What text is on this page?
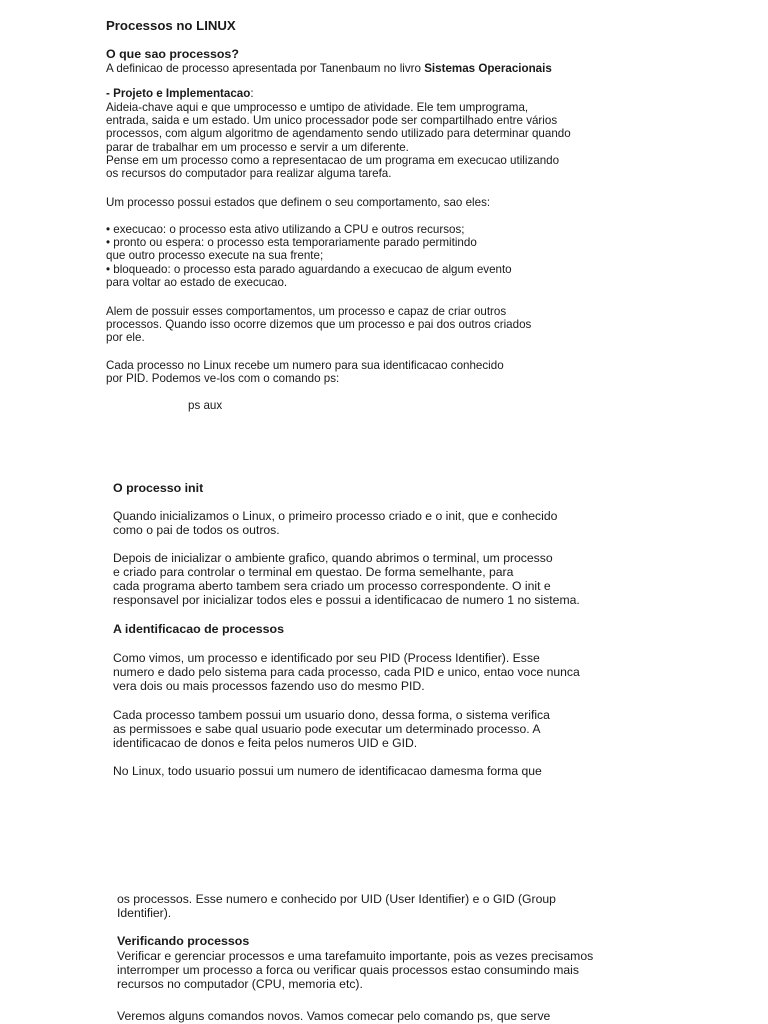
Processos no LINUX
O que sao processos?
A definicao de processo apresentada por Tanenbaum no livro Sistemas Operacionais
- Projeto e Implementacao:
Aideia-chave aqui e que umprocesso e umtipo de atividade. Ele tem umprograma,
entrada, saida e um estado. Um unico processador pode ser compartilhado entre vários
processos, com algum algoritmo de agendamento sendo utilizado para determinar quando
parar de trabalhar em um processo e servir a um diferente.
Pense em um processo como a representacao de um programa em execucao utilizando
os recursos do computador para realizar alguma tarefa.
Um processo possui estados que definem o seu comportamento, sao eles:
• execucao: o processo esta ativo utilizando a CPU e outros recursos;
• pronto ou espera: o processo esta temporariamente parado permitindo
que outro processo execute na sua frente;
• bloqueado: o processo esta parado aguardando a execucao de algum evento
para voltar ao estado de execucao.
Alem de possuir esses comportamentos, um processo e capaz de criar outros
processos. Quando isso ocorre dizemos que um processo e pai dos outros criados
por ele.
Cada processo no Linux recebe um numero para sua identificacao conhecido
por PID. Podemos ve-los com o comando ps:
ps aux
O processo init
Quando inicializamos o Linux, o primeiro processo criado e o init, que e conhecido
como o pai de todos os outros.
Depois de inicializar o ambiente grafico, quando abrimos o terminal, um processo
e criado para controlar o terminal em questao. De forma semelhante, para
cada programa aberto tambem sera criado um processo correspondente. O init e
responsavel por inicializar todos eles e possui a identificacao de numero 1 no sistema.
A identificacao de processos
Como vimos, um processo e identificado por seu PID (Process Identifier). Esse
numero e dado pelo sistema para cada processo, cada PID e unico, entao voce nunca
vera dois ou mais processos fazendo uso do mesmo PID.
Cada processo tambem possui um usuario dono, dessa forma, o sistema verifica
as permissoes e sabe qual usuario pode executar um determinado processo. A
identificacao de donos e feita pelos numeros UID e GID.
No Linux, todo usuario possui um numero de identificacao damesma forma que
os processos. Esse numero e conhecido por UID (User Identifier) e o GID (Group
Identifier).
Verificando processos
Verificar e gerenciar processos e uma tarefamuito importante, pois as vezes precisamos
interromper um processo a forca ou verificar quais processos estao consumindo mais
recursos no computador (CPU, memoria etc).
Veremos alguns comandos novos. Vamos comecar pelo comando ps, que serve
